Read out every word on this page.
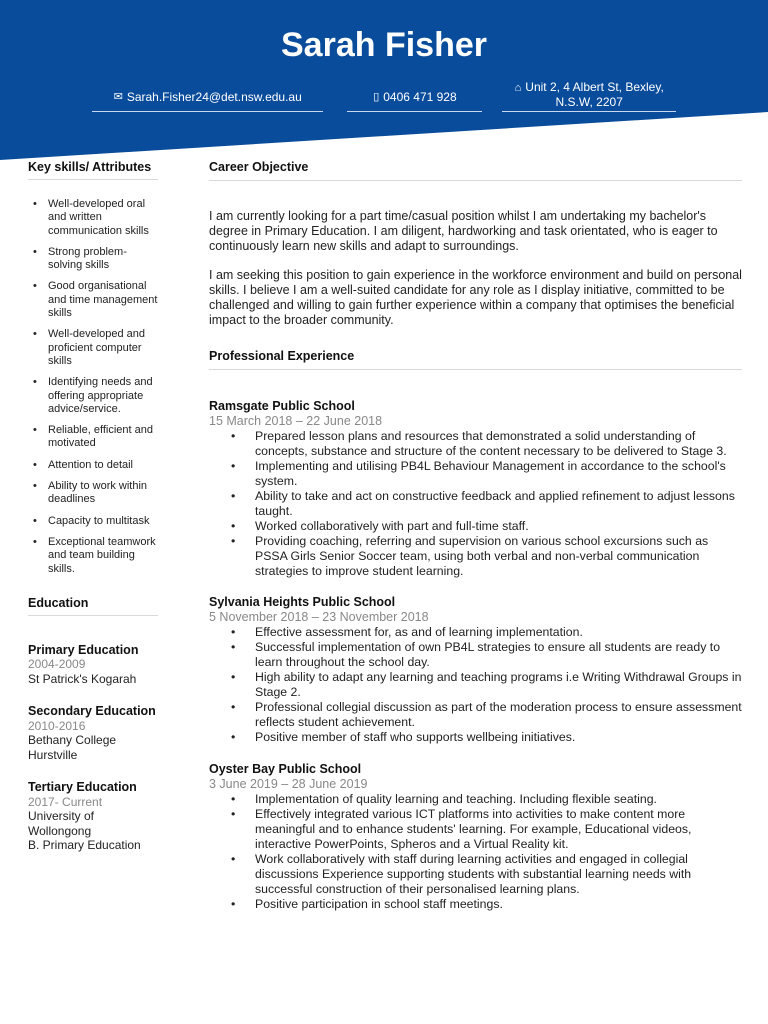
Sarah Fisher
✉ Sarah.Fisher24@det.nsw.edu.au	▯ 0406 471 928
⌂ Unit 2, 4 Albert St, Bexley,
N.S.W, 2207
Key skills/ Attributes
• Well-developed oral and written communication skills
• Strong problem-solving skills
• Good organisational and time management skills
• Well-developed and proficient computer skills
• Identifying needs and offering appropriate advice/service.
• Reliable, efficient and motivated
• Attention to detail
• Ability to work within deadlines
• Capacity to multitask
• Exceptional teamwork and team building skills.
Education
Primary Education
2004-2009
St Patrick's Kogarah
Secondary Education
2010-2016
Bethany College
Hurstville
Tertiary Education
2017- Current
University of Wollongong
B. Primary Education
Career Objective

I am currently looking for a part time/casual position whilst I am undertaking my bachelor's degree in Primary Education. I am diligent, hardworking and task orientated, who is eager to continuously learn new skills and adapt to surroundings.

I am seeking this position to gain experience in the workforce environment and build on personal skills. I believe I am a well-suited candidate for any role as I display initiative, committed to be challenged and willing to gain further experience within a company that optimises the beneficial impact to the broader community.

Professional Experience
Ramsgate Public School
15 March 2018 – 22 June 2018
• Prepared lesson plans and resources that demonstrated a solid understanding of concepts, substance and structure of the content necessary to be delivered to Stage 3.
• Implementing and utilising PB4L Behaviour Management in accordance to the school's system.
• Ability to take and act on constructive feedback and applied refinement to adjust lessons taught.
• Worked collaboratively with part and full-time staff.
• Providing coaching, referring and supervision on various school excursions such as PSSA Girls Senior Soccer team, using both verbal and non-verbal communication strategies to improve student learning.
Sylvania Heights Public School
5 November 2018 – 23 November 2018
• Effective assessment for, as and of learning implementation.
• Successful implementation of own PB4L strategies to ensure all students are ready to learn throughout the school day.
• High ability to adapt any learning and teaching programs i.e Writing Withdrawal Groups in Stage 2.
• Professional collegial discussion as part of the moderation process to ensure assessment reflects student achievement.
• Positive member of staff who supports wellbeing initiatives.
Oyster Bay Public School
3 June 2019 – 28 June 2019
• Implementation of quality learning and teaching. Including flexible seating.
• Effectively integrated various ICT platforms into activities to make content more meaningful and to enhance students' learning. For example, Educational videos, interactive PowerPoints, Spheros and a Virtual Reality kit.
• Work collaboratively with staff during learning activities and engaged in collegial discussions Experience supporting students with substantial learning needs with successful construction of their personalised learning plans.
• Positive participation in school staff meetings.
